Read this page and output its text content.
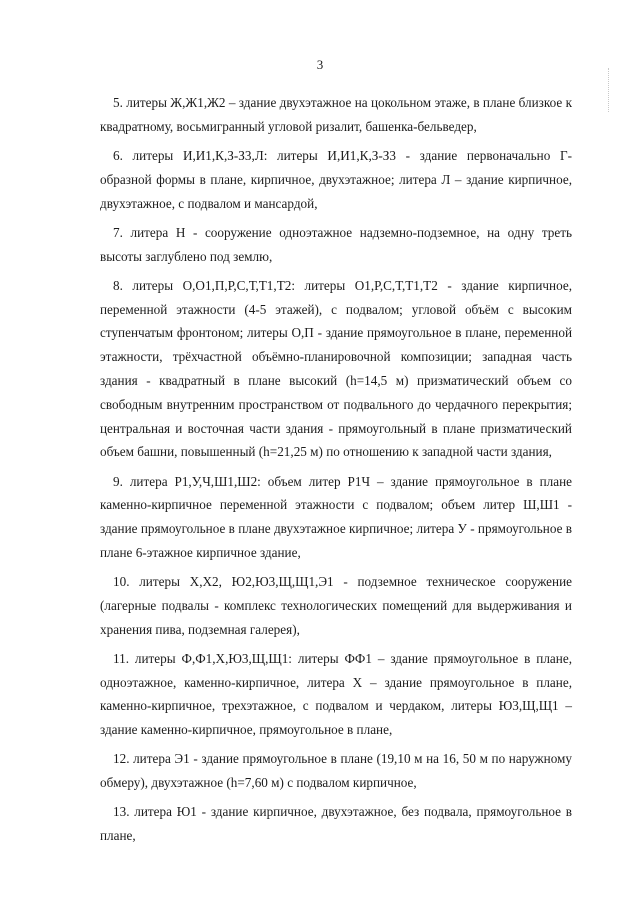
3

5. литеры Ж,Ж1,Ж2 – здание двухэтажное на цокольном этаже, в плане близкое к квадратному, восьмигранный угловой ризалит, башенка-бельведер,

6. литеры И,И1,К,З-З3,Л: литеры И,И1,К,З-З3 - здание первоначально Г- образной формы в плане, кирпичное, двухэтажное; литера Л – здание кирпичное, двухэтажное, с подвалом и мансардой,

7. литера Н - сооружение одноэтажное надземно-подземное, на одну треть высоты заглублено под землю,

8. литеры О,О1,П,Р,С,Т,Т1,Т2: литеры О1,Р,С,Т,Т1,Т2 - здание кирпичное, переменной этажности (4-5 этажей), с подвалом; угловой объём с высоким ступенчатым фронтоном; литеры О,П - здание прямоугольное в плане, переменной этажности, трёхчастной объёмно-планировочной композиции; западная часть здания - квадратный в плане высокий (h=14,5 м) призматический объем со свободным внутренним пространством от подвального до чердачного перекрытия; центральная и восточная части здания - прямоугольный в плане призматический объем башни, повышенный (h=21,25 м) по отношению к западной части здания,

9. литера Р1,У,Ч,Ш1,Ш2: объем литер Р1Ч – здание прямоугольное в плане каменно-кирпичное переменной этажности с подвалом; объем литер Ш,Ш1 - здание прямоугольное в плане двухэтажное кирпичное; литера У - прямоугольное в плане 6-этажное кирпичное здание,

10. литеры Х,Х2, Ю2,Ю3,Щ,Щ1,Э1 - подземное техническое сооружение (лагерные подвалы - комплекс технологических помещений для выдерживания и хранения пива, подземная галерея),

11. литеры Ф,Ф1,Х,Ю3,Щ,Щ1: литеры ФФ1 – здание прямоугольное в плане, одноэтажное, каменно-кирпичное, литера Х – здание прямоугольное в плане, каменно-кирпичное, трехэтажное, с подвалом и чердаком, литеры Ю3,Щ,Щ1 – здание каменно-кирпичное, прямоугольное в плане,

12. литера Э1 - здание прямоугольное в плане (19,10 м на 16, 50 м по наружному обмеру), двухэтажное (h=7,60 м) с подвалом кирпичное,

13. литера Ю1 - здание кирпичное, двухэтажное, без подвала, прямоугольное в плане,
